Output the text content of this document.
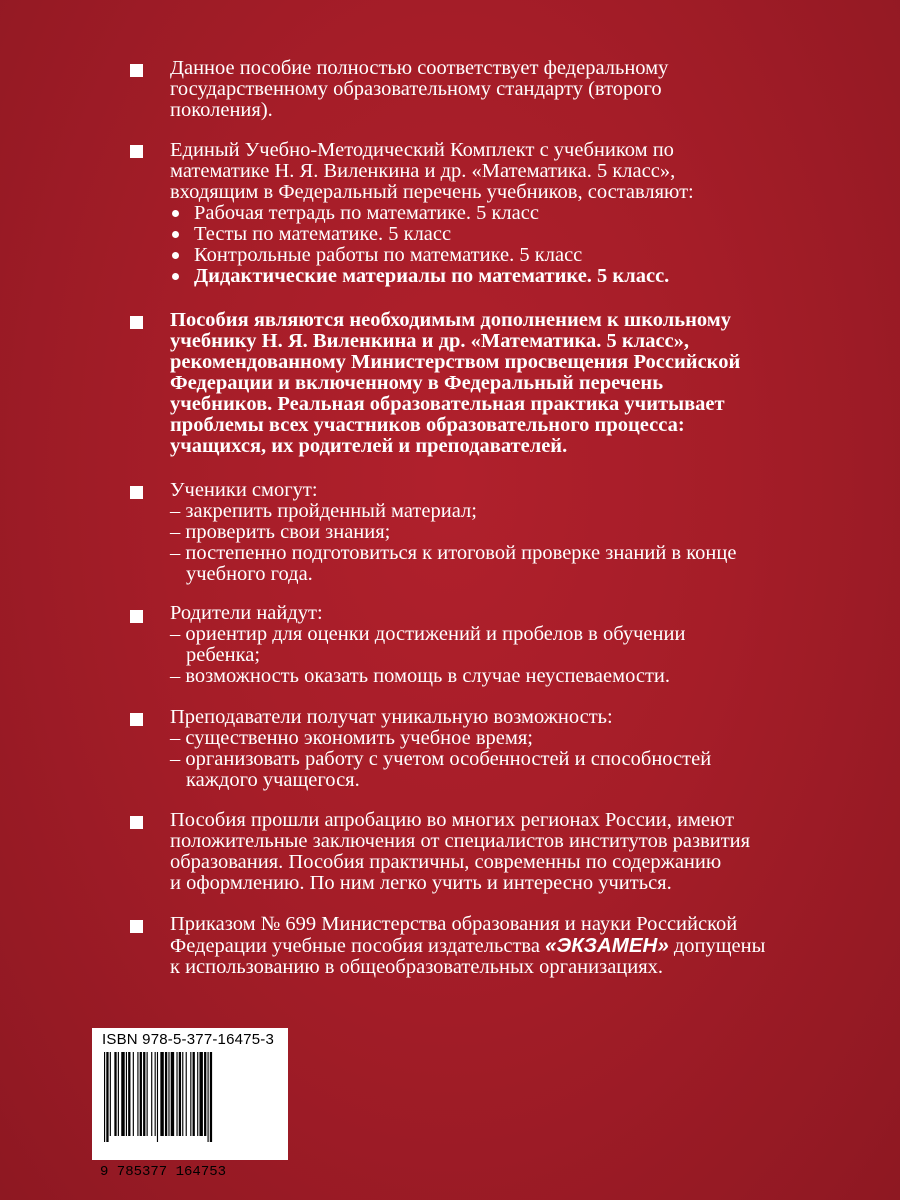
Данное пособие полностью соответствует федеральному

государственному образовательному стандарту (второго

поколения).

Единый Учебно-Методический Комплект с учебником по

математике Н. Я. Виленкина и др. «Математика. 5 класс»,

входящим в Федеральный перечень учебников, составляют:

Рабочая тетрадь по математике. 5 класс

Тесты по математике. 5 класс

Контрольные работы по математике. 5 класс

Дидактические материалы по математике. 5 класс.

Пособия являются необходимым дополнением к школьному

учебнику Н. Я. Виленкина и др. «Математика. 5 класс»,

рекомендованному Министерством просвещения Российской

Федерации и включенному в Федеральный перечень

учебников. Реальная образовательная практика учитывает

проблемы всех участников образовательного процесса:

учащихся, их родителей и преподавателей.

Ученики смогут:

– закрепить пройденный материал;

– проверить свои знания;

– постепенно подготовиться к итоговой проверке знаний в конце

учебного года.

Родители найдут:

– ориентир для оценки достижений и пробелов в обучении

ребенка;

– возможность оказать помощь в случае неуспеваемости.

Преподаватели получат уникальную возможность:

– существенно экономить учебное время;

– организовать работу с учетом особенностей и способностей

каждого учащегося.

Пособия прошли апробацию во многих регионах России, имеют

положительные заключения от специалистов институтов развития

образования. Пособия практичны, современны по содержанию

и оформлению. По ним легко учить и интересно учиться.

Приказом № 699 Министерства образования и науки Российской

Федерации учебные пособия издательства «ЭКЗАМЕН» допущены

к использованию в общеобразовательных организациях.

ISBN 978-5-377-16475-3
9 785377 164753
